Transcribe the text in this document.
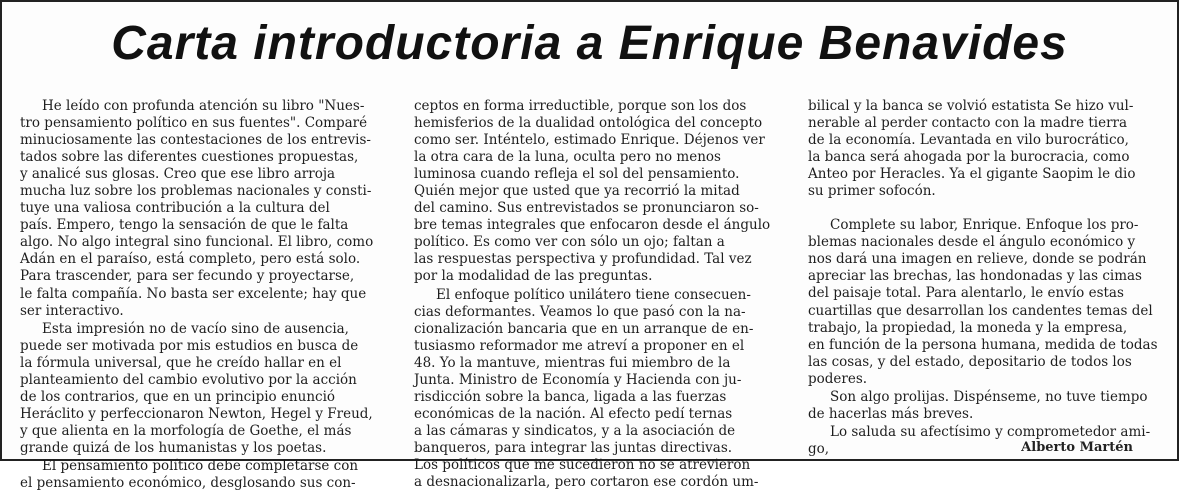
Carta introductoria a Enrique Benavides

He leído con profunda atención su libro "Nues-
tro pensamiento político en sus fuentes". Comparé
minuciosamente las contestaciones de los entrevis-
tados sobre las diferentes cuestiones propuestas,
y analicé sus glosas. Creo que ese libro arroja
mucha luz sobre los problemas nacionales y consti-
tuye una valiosa contribución a la cultura del
país. Empero, tengo la sensación de que le falta
algo. No algo integral sino funcional. El libro, como
Adán en el paraíso, está completo, pero está solo.
Para trascender, para ser fecundo y proyectarse,
le falta compañía. No basta ser excelente; hay que
ser interactivo.

Esta impresión no de vacío sino de ausencia,
puede ser motivada por mis estudios en busca de
la fórmula universal, que he creído hallar en el
planteamiento del cambio evolutivo por la acción
de los contrarios, que en un principio enunció
Heráclito y perfeccionaron Newton, Hegel y Freud,
y que alienta en la morfología de Goethe, el más
grande quizá de los humanistas y los poetas.

El pensamiento político debe completarse con
el pensamiento económico, desglosando sus con-

ceptos en forma irreductible, porque son los dos
hemisferios de la dualidad ontológica del concepto
como ser. Inténtelo, estimado Enrique. Déjenos ver
la otra cara de la luna, oculta pero no menos
luminosa cuando refleja el sol del pensamiento.
Quién mejor que usted que ya recorrió la mitad
del camino. Sus entrevistados se pronunciaron so-
bre temas integrales que enfocaron desde el ángulo
político. Es como ver con sólo un ojo; faltan a
las respuestas perspectiva y profundidad. Tal vez
por la modalidad de las preguntas.

El enfoque político unilátero tiene consecuen-
cias deformantes. Veamos lo que pasó con la na-
cionalización bancaria que en un arranque de en-
tusiasmo reformador me atreví a proponer en el
48. Yo la mantuve, mientras fui miembro de la
Junta. Ministro de Economía y Hacienda con ju-
risdicción sobre la banca, ligada a las fuerzas
económicas de la nación. Al efecto pedí ternas
a las cámaras y sindicatos, y a la asociación de
banqueros, para integrar las juntas directivas.
Los políticos que me sucedieron no se atrevieron
a desnacionalizarla, pero cortaron ese cordón um-

bilical y la banca se volvió estatista Se hizo vul-
nerable al perder contacto con la madre tierra
de la economía. Levantada en vilo burocrático,
la banca será ahogada por la burocracia, como
Anteo por Heracles. Ya el gigante Saopim le dio
su primer sofocón.

Complete su labor, Enrique. Enfoque los pro-
blemas nacionales desde el ángulo económico y
nos dará una imagen en relieve, donde se podrán
apreciar las brechas, las hondonadas y las cimas
del paisaje total. Para alentarlo, le envío estas
cuartillas que desarrollan los candentes temas del
trabajo, la propiedad, la moneda y la empresa,
en función de la persona humana, medida de todas
las cosas, y del estado, depositario de todos los
poderes.

Son algo prolijas. Dispénseme, no tuve tiempo
de hacerlas más breves.

Lo saluda su afectísimo y comprometedor ami-
go,	Alberto Martén
